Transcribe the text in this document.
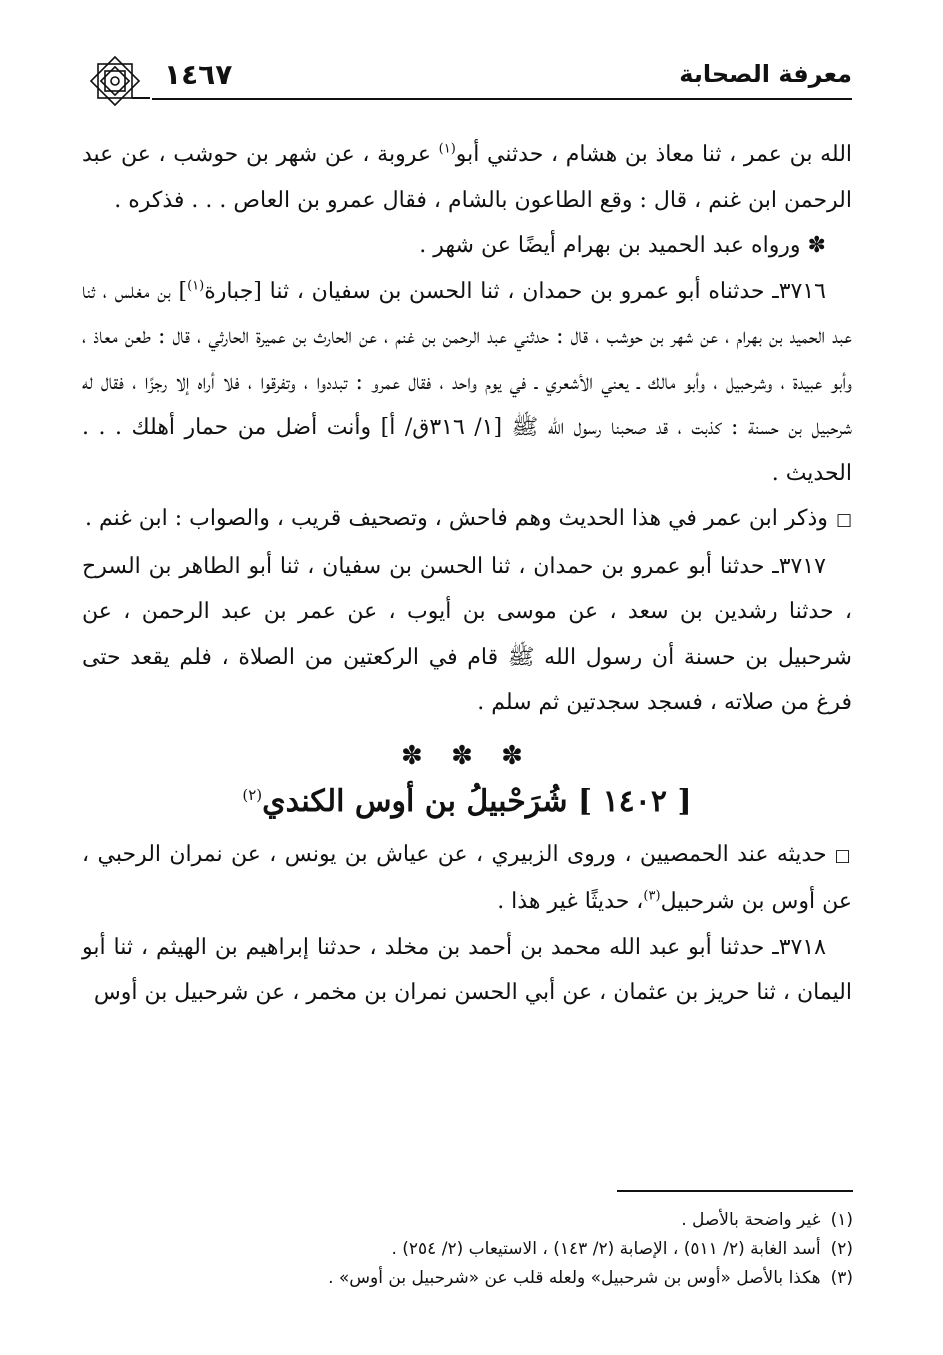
١٤٦٧	معرفة الصحابة

الله بن عمر ، ثنا معاذ بن هشام ، حدثني أبو$^{(١)}$ عروبة ، عن شهر بن حوشب ، عن عبد الرحمن ابن غنم ، قال : وقع الطاعون بالشام ، فقال عمرو بن العاص . . . فذكره .

✽ ورواه عبد الحميد بن بهرام أيضًا عن شهر .

٣٧١٦ـ حدثناه أبو عمرو بن حمدان ، ثنا الحسن بن سفيان ، ثنا [جبارة$^{(١)}$] بن مغلس ، ثنا عبد الحميد بن بهرام ، عن شهر بن حوشب ، قال : حدثني عبد الرحمن بن غنم ، عن الحارث بن عميرة الحارثي ، قال : طعن معاذ ، وأبو عبيدة ، وشرحبيل ، وأبو مالك ـ يعني الأشعري ـ في يوم واحد ، فقال عمرو : تبددوا ، وتفرقوا ، فلا أراه إلا رجزًا ، فقال له شرحبيل بن حسنة : كذبت ، قد صحبنا رسول الله ﷺ [١/ ٣١٦ق/ أ] وأنت أضل من حمار أهلك . . . الحديث .

□وذكر ابن عمر في هذا الحديث وهم فاحش ، وتصحيف قريب ، والصواب : ابن غنم .

٣٧١٧ـ حدثنا أبو عمرو بن حمدان ، ثنا الحسن بن سفيان ، ثنا أبو الطاهر بن السرح ، حدثنا رشدين بن سعد ، عن موسى بن أيوب ، عن عمر بن عبد الرحمن ، عن شرحبيل بن حسنة أن رسول الله ﷺ قام في الركعتين من الصلاة ، فلم يقعد حتى فرغ من صلاته ، فسجد سجدتين ثم سلم .

✽ ✽ ✽
[ ١٤٠٢ ] شُرَحْبيلُ بن أوس الكندي$^{(٢)}$

□حديثه عند الحمصيين ، وروى الزبيري ، عن عياش بن يونس ، عن نمران الرحبي ، عن أوس بن شرحبيل$^{(٣)}$، حديثًا غير هذا .

٣٧١٨ـ حدثنا أبو عبد الله محمد بن أحمد بن مخلد ، حدثنا إبراهيم بن الهيثم ، ثنا أبو اليمان ، ثنا حريز بن عثمان ، عن أبي الحسن نمران بن مخمر ، عن شرحبيل بن أوس

(١)غير واضحة بالأصل .
(٢)أسد الغابة (٢/ ٥١١) ، الإصابة (٢/ ١٤٣) ، الاستيعاب (٢/ ٢٥٤) .
(٣)هكذا بالأصل «أوس بن شرحبيل» ولعله قلب عن «شرحبيل بن أوس» .
